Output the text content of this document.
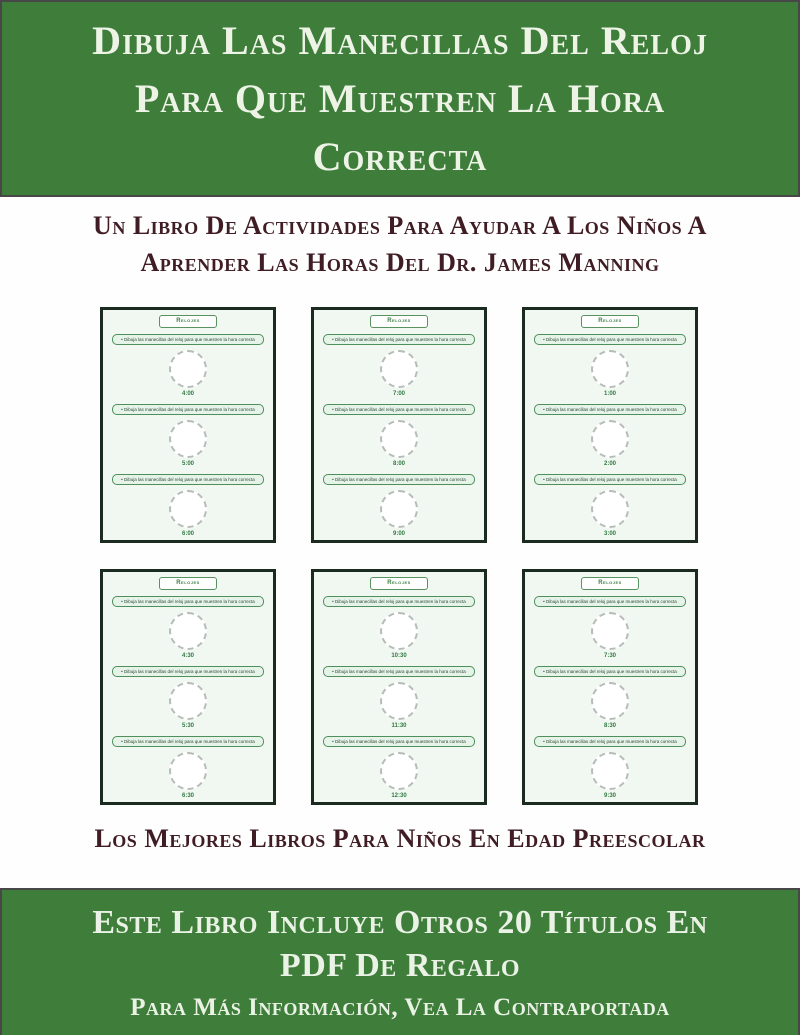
Dibuja Las Manecillas Del Reloj
Para Que Muestren La Hora
Correcta
Un Libro De Actividades Para Ayudar A Los Niños A
Aprender Las Horas Del Dr. James Manning
Relojes
• Dibuja las manecillas del reloj para que muestren la hora correcta
4:00
• Dibuja las manecillas del reloj para que muestren la hora correcta
5:00
• Dibuja las manecillas del reloj para que muestren la hora correcta
6:00
Relojes
• Dibuja las manecillas del reloj para que muestren la hora correcta
7:00
• Dibuja las manecillas del reloj para que muestren la hora correcta
8:00
• Dibuja las manecillas del reloj para que muestren la hora correcta
9:00
Relojes
• Dibuja las manecillas del reloj para que muestren la hora correcta
1:00
• Dibuja las manecillas del reloj para que muestren la hora correcta
2:00
• Dibuja las manecillas del reloj para que muestren la hora correcta
3:00
Relojes
• Dibuja las manecillas del reloj para que muestren la hora correcta
4:30
• Dibuja las manecillas del reloj para que muestren la hora correcta
5:30
• Dibuja las manecillas del reloj para que muestren la hora correcta
6:30
Relojes
• Dibuja las manecillas del reloj para que muestren la hora correcta
10:30
• Dibuja las manecillas del reloj para que muestren la hora correcta
11:30
• Dibuja las manecillas del reloj para que muestren la hora correcta
12:30
Relojes
• Dibuja las manecillas del reloj para que muestren la hora correcta
7:30
• Dibuja las manecillas del reloj para que muestren la hora correcta
8:30
• Dibuja las manecillas del reloj para que muestren la hora correcta
9:30
Los Mejores Libros Para Niños En Edad Preescolar
Este Libro Incluye Otros 20 Títulos En
PDF De Regalo
Para Más Información, Vea La Contraportada
